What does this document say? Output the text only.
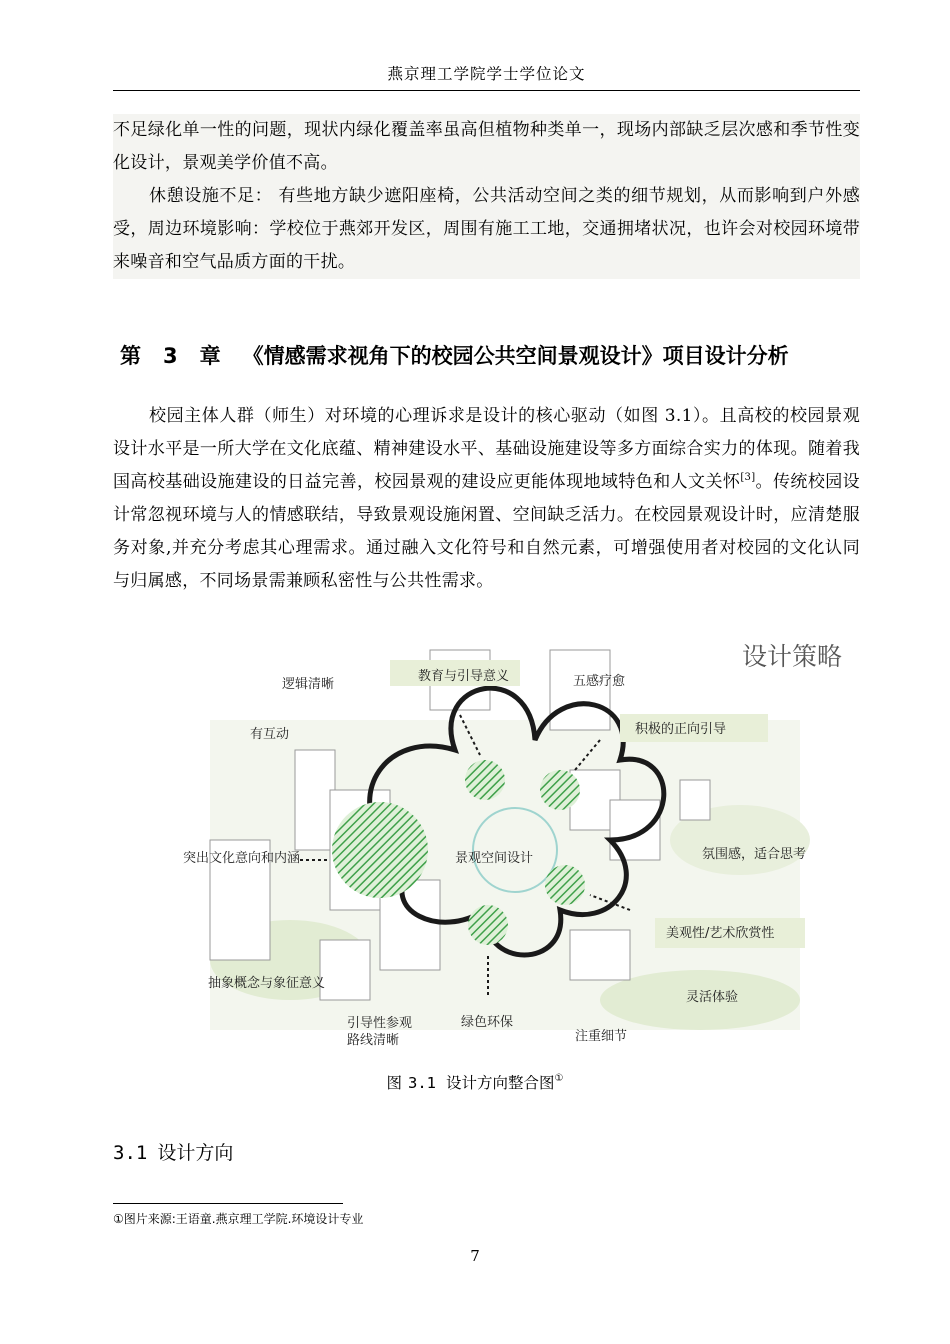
燕京理工学院学士学位论文
不足绿化单一性的问题，现状内绿化覆盖率虽高但植物种类单一，现场内部缺乏层次感和季节性变化设计，景观美学价值不高。
休憩设施不足： 有些地方缺少遮阳座椅，公共活动空间之类的细节规划，从而影响到户外感受，周边环境影响：学校位于燕郊开发区，周围有施工工地，交通拥堵状况，也许会对校园环境带来噪音和空气品质方面的干扰。
第 3 章 《情感需求视角下的校园公共空间景观设计》项目设计分析
校园主体人群（师生）对环境的心理诉求是设计的核心驱动（如图 3.1）。且高校的校园景观设计水平是一所大学在文化底蕴、精神建设水平、基础设施建设等多方面综合实力的体现。随着我国高校基础设施建设的日益完善，校园景观的建设应更能体现地域特色和人文关怀[3]。传统校园设计常忽视环境与人的情感联结，导致景观设施闲置、空间缺乏活力。在校园景观设计时，应清楚服务对象,并充分考虑其心理需求。通过融入文化符号和自然元素，可增强使用者对校园的文化认同与归属感，不同场景需兼顾私密性与公共性需求。
设计策略
逻辑清晰
有互动
教育与引导意义	五感疗愈
积极的正向引导
突出文化意向和内涵	景观空间设计	氛围感，适合思考
美观性/艺术欣赏性
抽象概念与象征意义
灵活体验
引导性参观
路线清晰
绿色环保
注重细节
图 3.1 设计方向整合图①
3.1 设计方向
①图片来源:王语童.燕京理工学院.环境设计专业
7
